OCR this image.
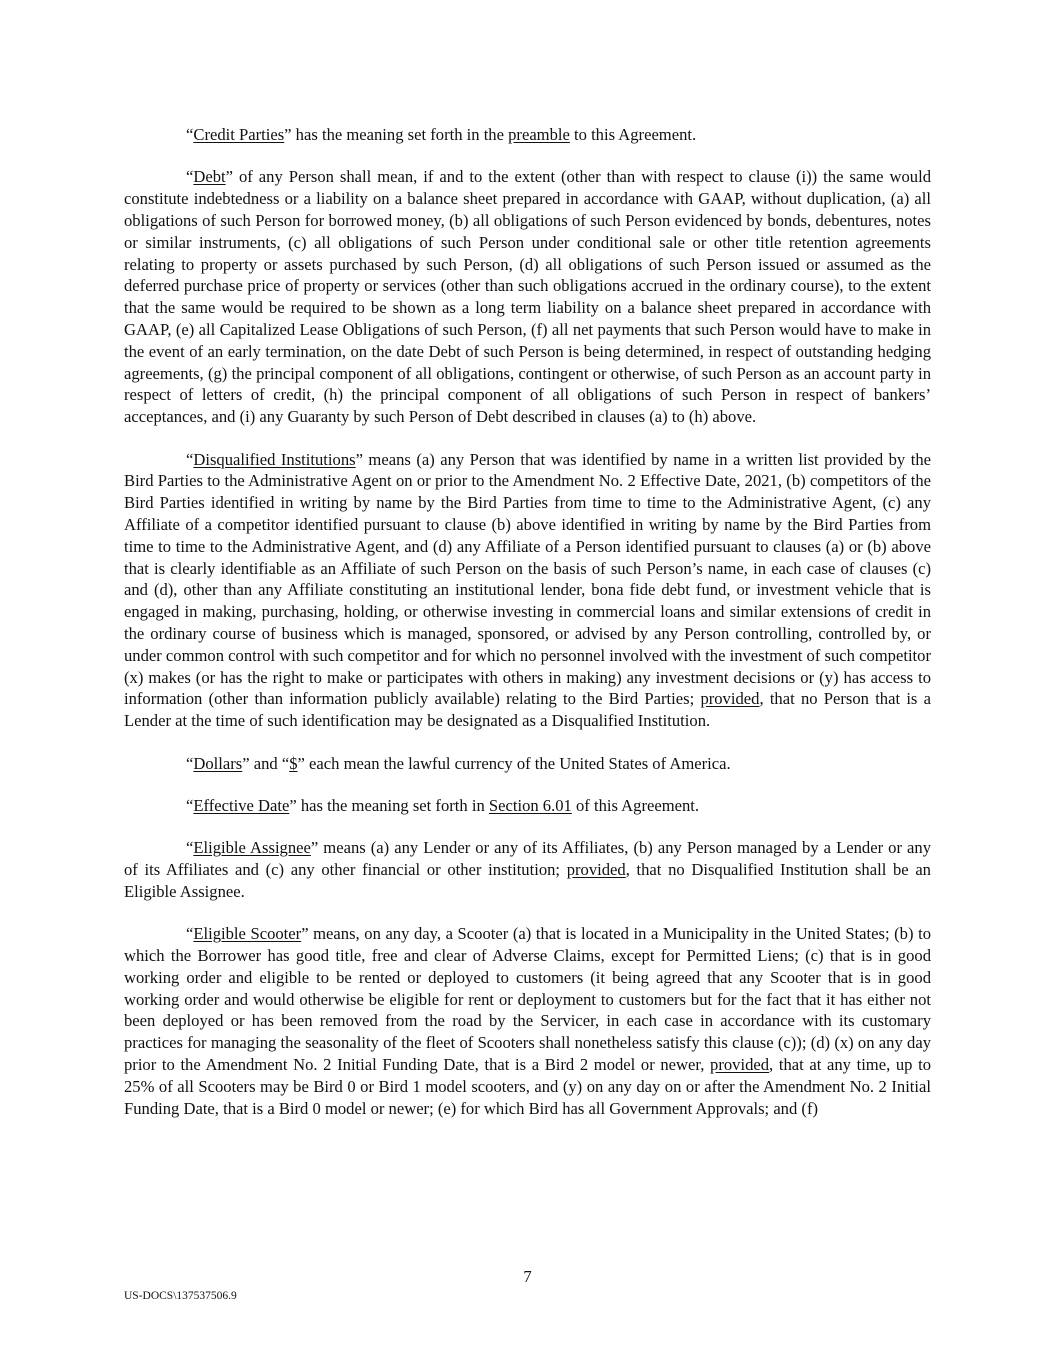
“Credit Parties” has the meaning set forth in the preamble to this Agreement.

“Debt” of any Person shall mean, if and to the extent (other than with respect to clause (i)) the same would constitute indebtedness or a liability on a balance sheet prepared in accordance with GAAP, without duplication, (a) all obligations of such Person for borrowed money, (b) all obligations of such Person evidenced by bonds, debentures, notes or similar instruments, (c) all obligations of such Person under conditional sale or other title retention agreements relating to property or assets purchased by such Person, (d) all obligations of such Person issued or assumed as the deferred purchase price of property or services (other than such obligations accrued in the ordinary course), to the extent that the same would be required to be shown as a long term liability on a balance sheet prepared in accordance with GAAP, (e) all Capitalized Lease Obligations of such Person, (f) all net payments that such Person would have to make in the event of an early termination, on the date Debt of such Person is being determined, in respect of outstanding hedging agreements, (g) the principal component of all obligations, contingent or otherwise, of such Person as an account party in respect of letters of credit, (h) the principal component of all obligations of such Person in respect of bankers’ acceptances, and (i) any Guaranty by such Person of Debt described in clauses (a) to (h) above.

“Disqualified Institutions” means (a) any Person that was identified by name in a written list provided by the Bird Parties to the Administrative Agent on or prior to the Amendment No. 2 Effective Date, 2021, (b) competitors of the Bird Parties identified in writing by name by the Bird Parties from time to time to the Administrative Agent, (c) any Affiliate of a competitor identified pursuant to clause (b) above identified in writing by name by the Bird Parties from time to time to the Administrative Agent, and (d) any Affiliate of a Person identified pursuant to clauses (a) or (b) above that is clearly identifiable as an Affiliate of such Person on the basis of such Person’s name, in each case of clauses (c) and (d), other than any Affiliate constituting an institutional lender, bona fide debt fund, or investment vehicle that is engaged in making, purchasing, holding, or otherwise investing in commercial loans and similar extensions of credit in the ordinary course of business which is managed, sponsored, or advised by any Person controlling, controlled by, or under common control with such competitor and for which no personnel involved with the investment of such competitor (x) makes (or has the right to make or participates with others in making) any investment decisions or (y) has access to information (other than information publicly available) relating to the Bird Parties; provided, that no Person that is a Lender at the time of such identification may be designated as a Disqualified Institution.

“Dollars” and “$” each mean the lawful currency of the United States of America.

“Effective Date” has the meaning set forth in Section 6.01 of this Agreement.

“Eligible Assignee” means (a) any Lender or any of its Affiliates, (b) any Person managed by a Lender or any of its Affiliates and (c) any other financial or other institution; provided, that no Disqualified Institution shall be an Eligible Assignee.

“Eligible Scooter” means, on any day, a Scooter (a) that is located in a Municipality in the United States; (b) to which the Borrower has good title, free and clear of Adverse Claims, except for Permitted Liens; (c) that is in good working order and eligible to be rented or deployed to customers (it being agreed that any Scooter that is in good working order and would otherwise be eligible for rent or deployment to customers but for the fact that it has either not been deployed or has been removed from the road by the Servicer, in each case in accordance with its customary practices for managing the seasonality of the fleet of Scooters shall nonetheless satisfy this clause (c)); (d) (x) on any day prior to the Amendment No. 2 Initial Funding Date, that is a Bird 2 model or newer, provided, that at any time, up to 25% of all Scooters may be Bird 0 or Bird 1 model scooters, and (y) on any day on or after the Amendment No. 2 Initial Funding Date, that is a Bird 0 model or newer; (e) for which Bird has all Government Approvals; and (f)

7
US-DOCS\137537506.9
